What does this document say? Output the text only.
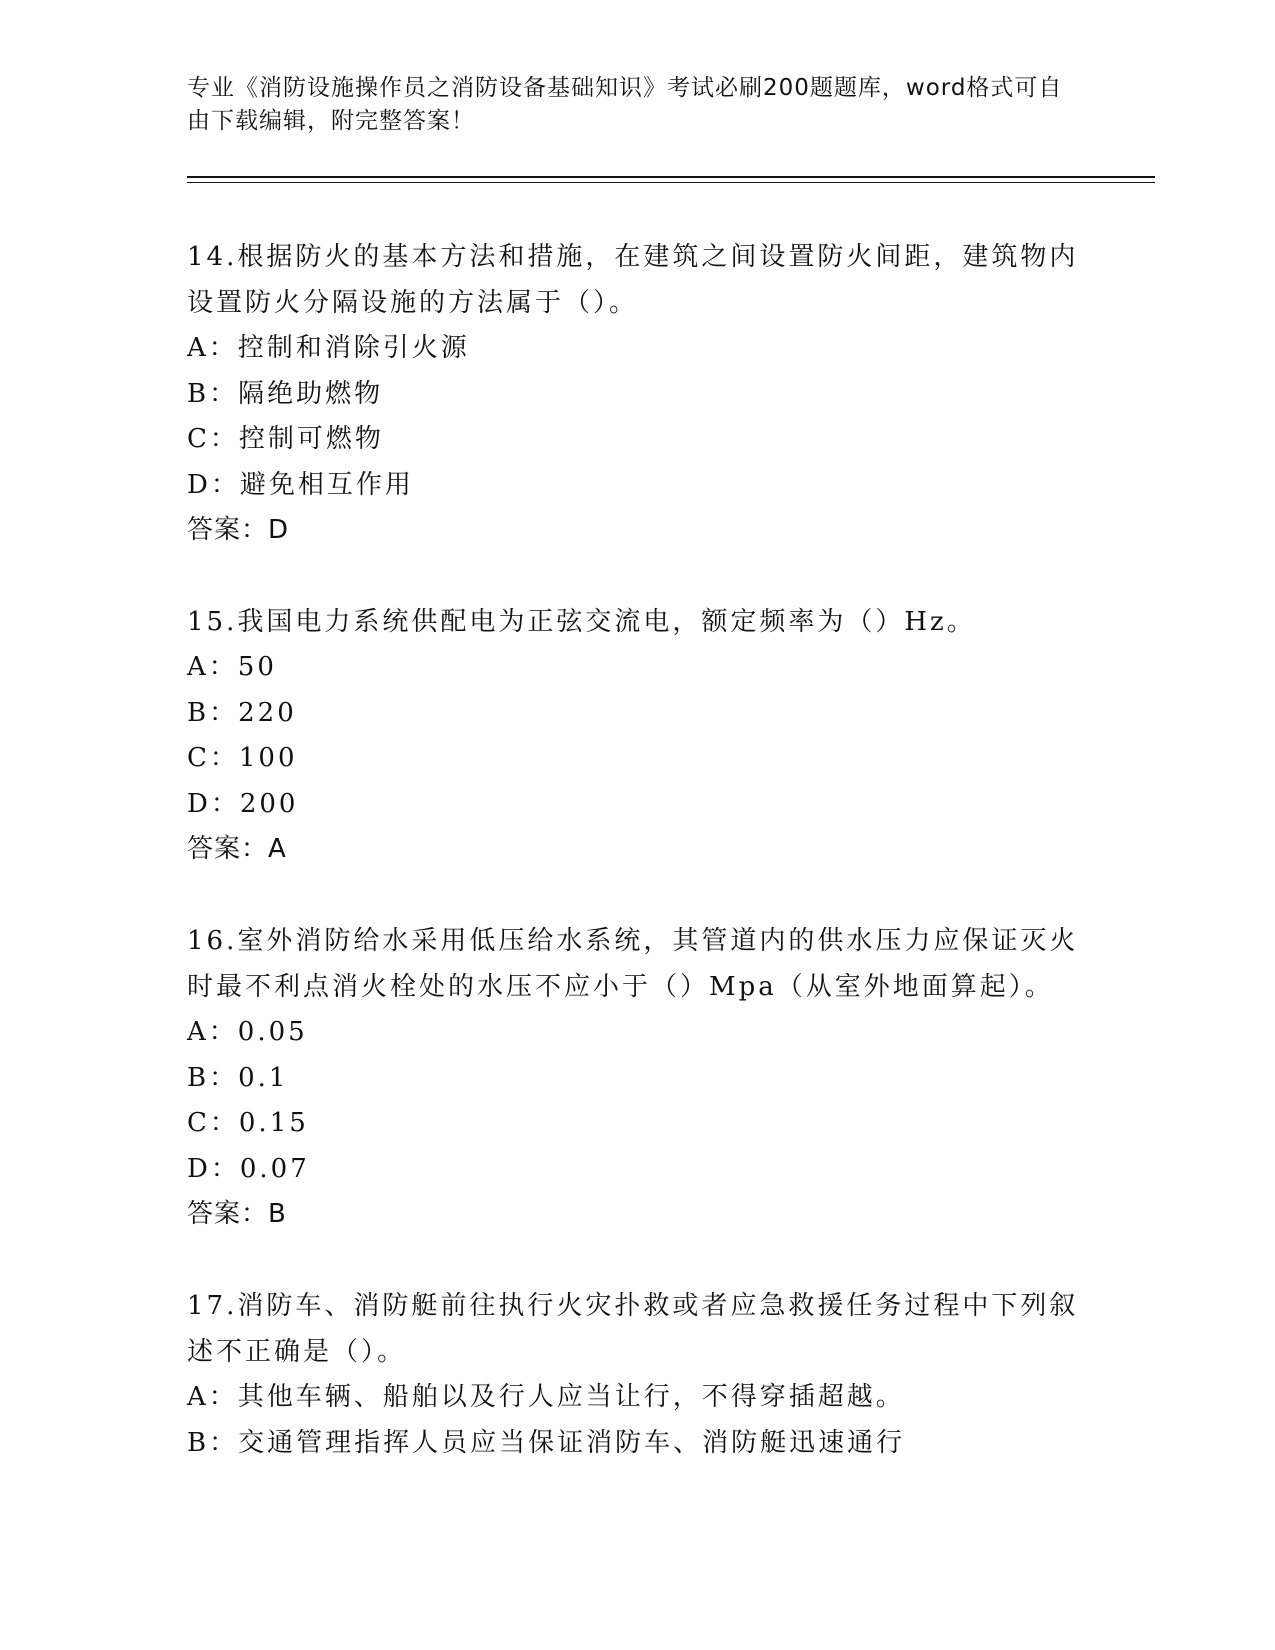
专业《消防设施操作员之消防设备基础知识》考试必刷200题题库，word格式可自由下载编辑，附完整答案！

14.根据防火的基本方法和措施，在建筑之间设置防火间距，建筑物内设置防火分隔设施的方法属于（）。

A：控制和消除引火源

B：隔绝助燃物

C：控制可燃物

D：避免相互作用

答案：D

15.我国电力系统供配电为正弦交流电，额定频率为（）Hz。

A：50

B：220

C：100

D：200

答案：A

16.室外消防给水采用低压给水系统，其管道内的供水压力应保证灭火时最不利点消火栓处的水压不应小于（）Mpa（从室外地面算起）。

A：0.05

B：0.1

C：0.15

D：0.07

答案：B

17.消防车、消防艇前往执行火灾扑救或者应急救援任务过程中下列叙述不正确是（）。

A：其他车辆、船舶以及行人应当让行，不得穿插超越。

B：交通管理指挥人员应当保证消防车、消防艇迅速通行
